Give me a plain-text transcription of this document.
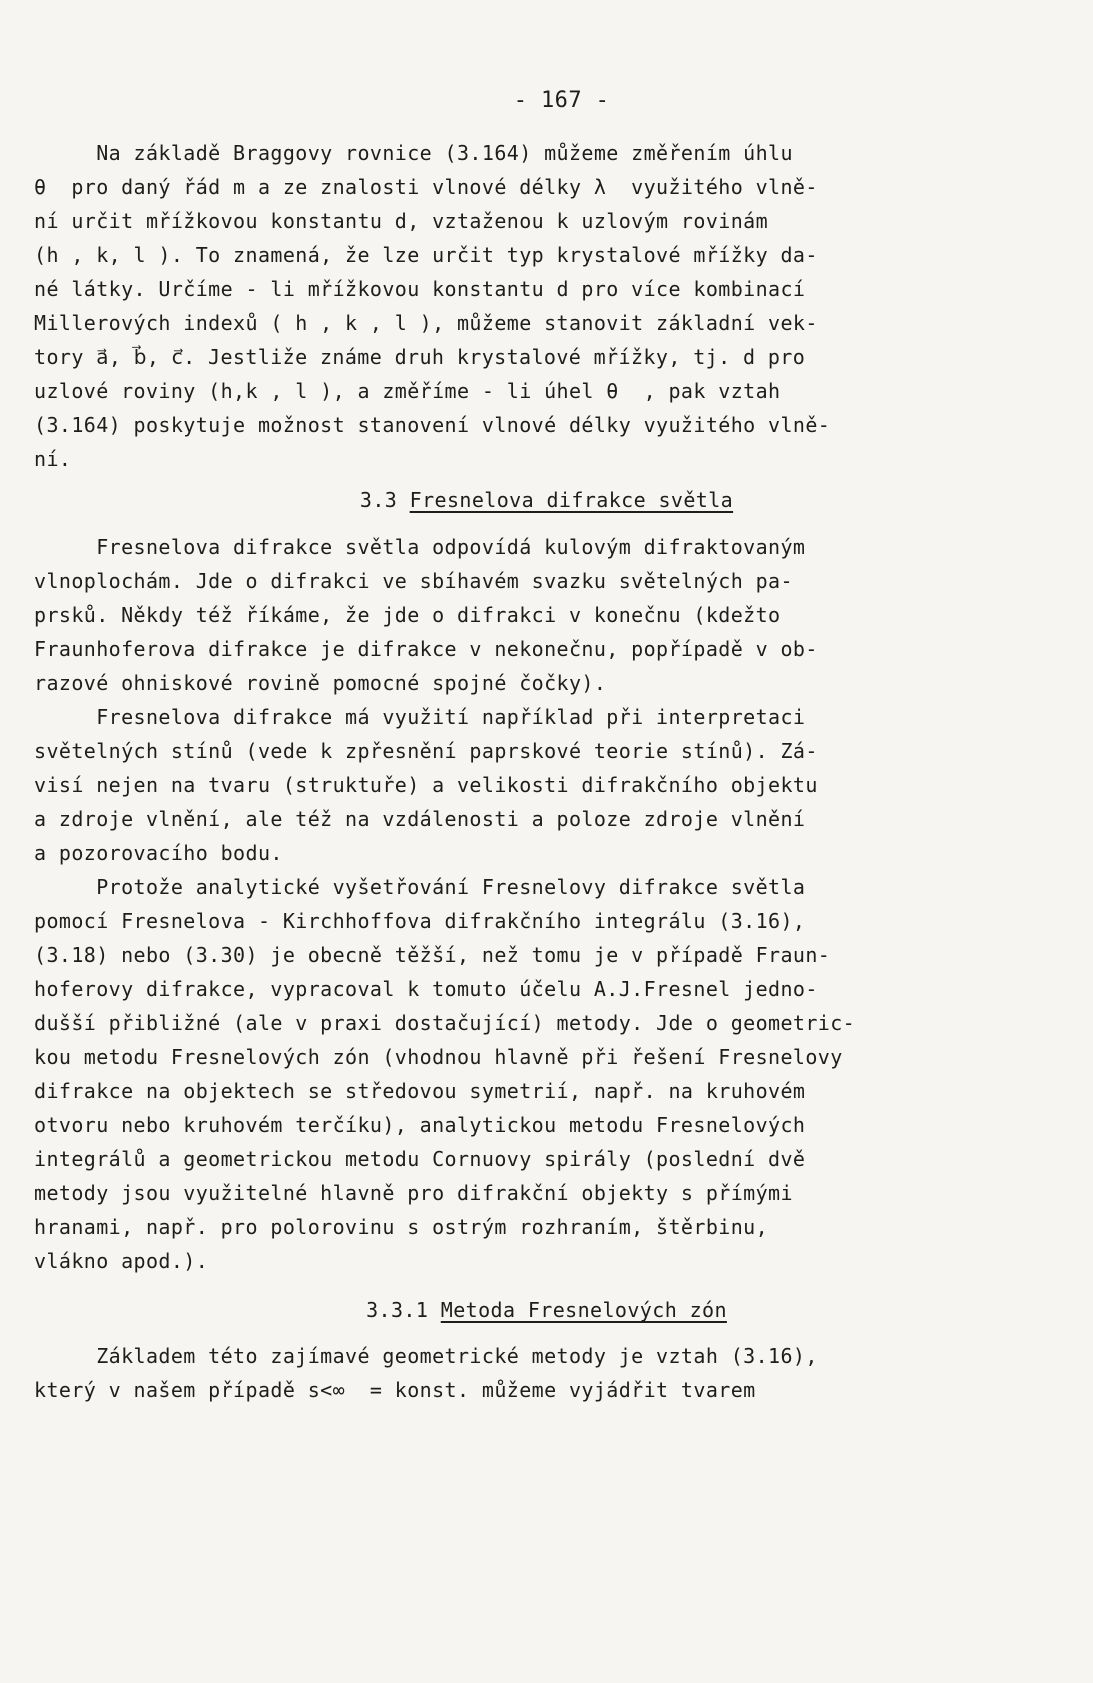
- 167 -
Na základě Braggovy rovnice (3.164) můžeme změřením úhlu
θ  pro daný řád m a ze znalosti vlnové délky λ  využitého vlně-
ní určit mřížkovou konstantu d, vztaženou k uzlovým rovinám
(h , k, l ). To znamená, že lze určit typ krystalové mřížky da-
né látky. Určíme - li mřížkovou konstantu d pro více kombinací
Millerových indexů ( h , k , l ), můžeme stanovit základní vek-
tory a⃗, b⃗, c⃗. Jestliže známe druh krystalové mřížky, tj. d pro
uzlové roviny (h,k , l ), a změříme - li úhel θ  , pak vztah
(3.164) poskytuje možnost stanovení vlnové délky využitého vlně-
ní.
3.3 Fresnelova difrakce světla
Fresnelova difrakce světla odpovídá kulovým difraktovaným
vlnoplochám. Jde o difrakci ve sbíhavém svazku světelných pa-
prsků. Někdy též říkáme, že jde o difrakci v konečnu (kdežto
Fraunhoferova difrakce je difrakce v nekonečnu, popřípadě v ob-
razové ohniskové rovině pomocné spojné čočky).
Fresnelova difrakce má využití například při interpretaci
světelných stínů (vede k zpřesnění paprskové teorie stínů). Zá-
visí nejen na tvaru (struktuře) a velikosti difrakčního objektu
a zdroje vlnění, ale též na vzdálenosti a poloze zdroje vlnění
a pozorovacího bodu.
Protože analytické vyšetřování Fresnelovy difrakce světla
pomocí Fresnelova - Kirchhoffova difrakčního integrálu (3.16),
(3.18) nebo (3.30) je obecně těžší, než tomu je v případě Fraun-
hoferovy difrakce, vypracoval k tomuto účelu A.J.Fresnel jedno-
dušší přibližné (ale v praxi dostačující) metody. Jde o geometric-
kou metodu Fresnelových zón (vhodnou hlavně při řešení Fresnelovy
difrakce na objektech se středovou symetrií, např. na kruhovém
otvoru nebo kruhovém terčíku), analytickou metodu Fresnelových
integrálů a geometrickou metodu Cornuovy spirály (poslední dvě
metody jsou využitelné hlavně pro difrakční objekty s přímými
hranami, např. pro polorovinu s ostrým rozhraním, štěrbinu,
vlákno apod.).
3.3.1 Metoda Fresnelových zón
Základem této zajímavé geometrické metody je vztah (3.16),
který v našem případě s<∞  = konst. můžeme vyjádřit tvarem
